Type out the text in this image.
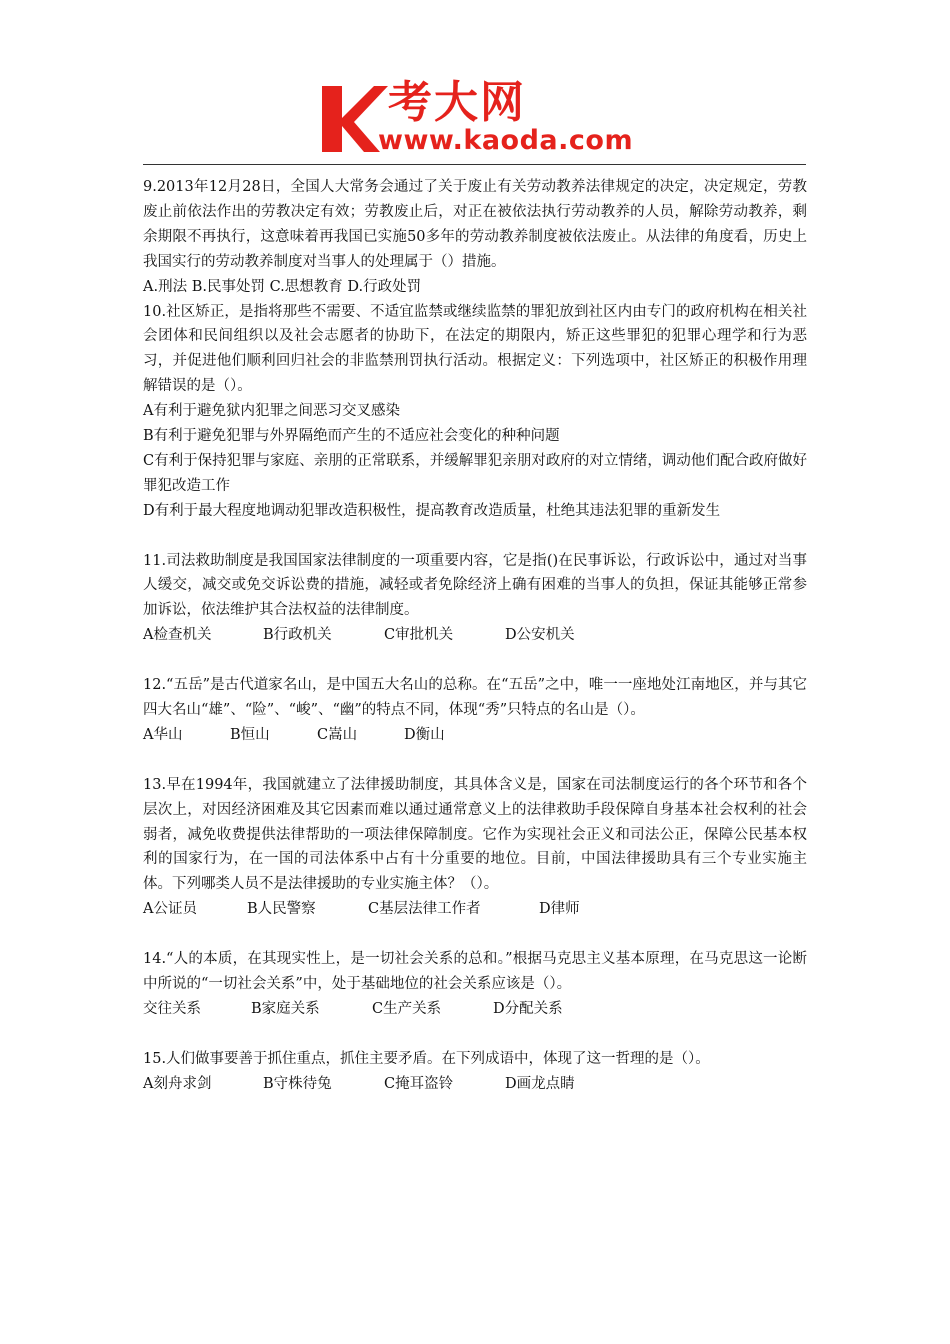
考大网
www.kaoda.com

9.2013年12月28日，全国人大常务会通过了关于废止有关劳动教养法律规定的决定，决定规定，劳教废止前依法作出的劳教决定有效；劳教废止后，对正在被依法执行劳动教养的人员，解除劳动教养，剩余期限不再执行，这意味着再我国已实施50多年的劳动教养制度被依法废止。从法律的角度看，历史上我国实行的劳动教养制度对当事人的处理属于（）措施。

A.刑法 B.民事处罚 C.思想教育 D.行政处罚

10.社区矫正，是指将那些不需要、不适宜监禁或继续监禁的罪犯放到社区内由专门的政府机构在相关社会团体和民间组织以及社会志愿者的协助下，在法定的期限内，矫正这些罪犯的犯罪心理学和行为恶习，并促进他们顺利回归社会的非监禁刑罚执行活动。根据定义：下列选项中，社区矫正的积极作用理解错误的是（）。

A有利于避免狱内犯罪之间恶习交叉感染

B有利于避免犯罪与外界隔绝而产生的不适应社会变化的种种问题

C有利于保持犯罪与家庭、亲朋的正常联系，并缓解罪犯亲朋对政府的对立情绪，调动他们配合政府做好罪犯改造工作

D有利于最大程度地调动犯罪改造积极性，提高教育改造质量，杜绝其违法犯罪的重新发生

11.司法救助制度是我国国家法律制度的一项重要内容，它是指()在民事诉讼，行政诉讼中，通过对当事人缓交，减交或免交诉讼费的措施，减轻或者免除经济上确有困难的当事人的负担，保证其能够正常参加诉讼，依法维护其合法权益的法律制度。

A检查机关	B行政机关	C审批机关	D公安机关

12.“五岳”是古代道家名山，是中国五大名山的总称。在“五岳”之中，唯一一座地处江南地区，并与其它四大名山“雄”、“险”、“峻”、“幽”的特点不同，体现“秀”只特点的名山是（）。

A华山	B恒山	C嵩山	D衡山

13.早在1994年，我国就建立了法律援助制度，其具体含义是，国家在司法制度运行的各个环节和各个层次上，对因经济困难及其它因素而难以通过通常意义上的法律救助手段保障自身基本社会权利的社会弱者，减免收费提供法律帮助的一项法律保障制度。它作为实现社会正义和司法公正，保障公民基本权利的国家行为，在一国的司法体系中占有十分重要的地位。目前，中国法律援助具有三个专业实施主体。下列哪类人员不是法律援助的专业实施主体？（）。

A公证员	B人民警察	C基层法律工作者	D律师

14.“人的本质，在其现实性上，是一切社会关系的总和。”根据马克思主义基本原理，在马克思这一论断中所说的“一切社会关系”中，处于基础地位的社会关系应该是（）。

交往关系	B家庭关系	C生产关系	D分配关系

15.人们做事要善于抓住重点，抓住主要矛盾。在下列成语中，体现了这一哲理的是（）。

A刻舟求剑	B守株待兔	C掩耳盗铃	D画龙点睛
